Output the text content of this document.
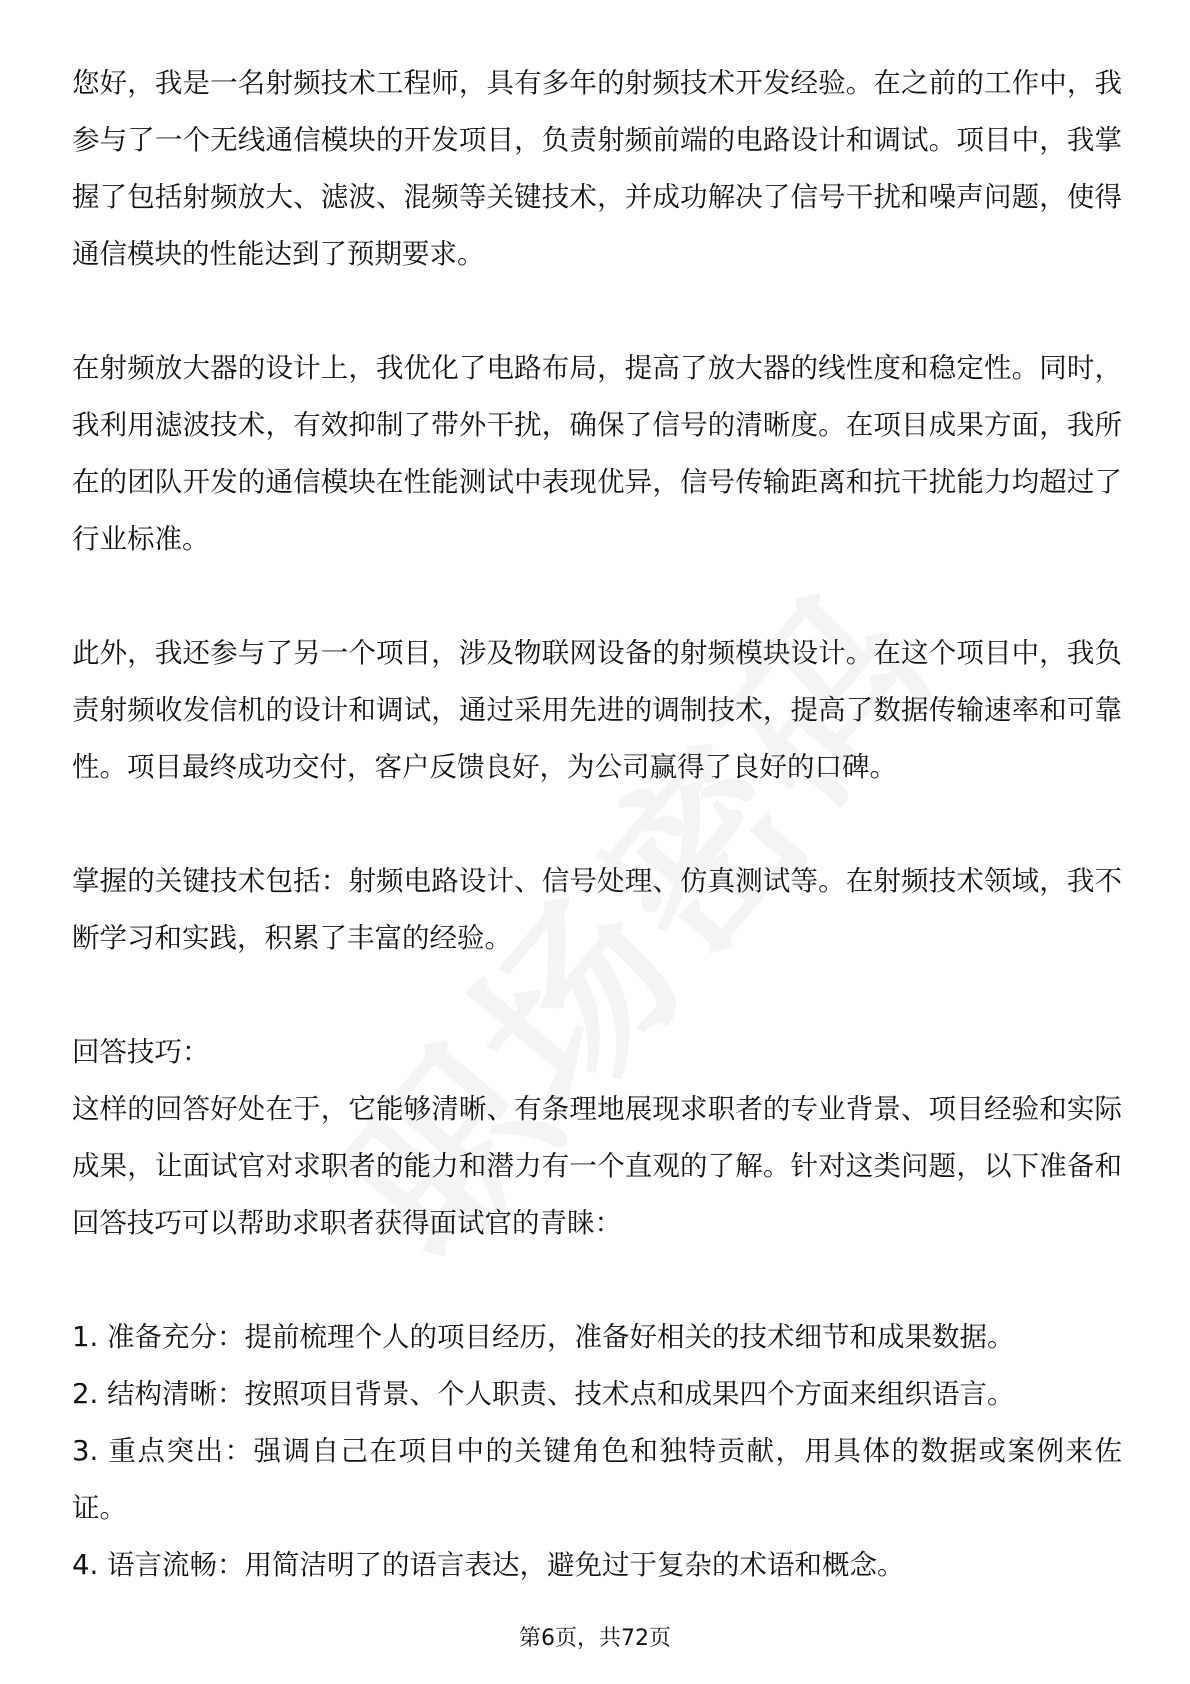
您好，我是一名射频技术工程师，具有多年的射频技术开发经验。在之前的工作中，我参与了一个无线通信模块的开发项目，负责射频前端的电路设计和调试。项目中，我掌握了包括射频放大、滤波、混频等关键技术，并成功解决了信号干扰和噪声问题，使得通信模块的性能达到了预期要求。

在射频放大器的设计上，我优化了电路布局，提高了放大器的线性度和稳定性。同时，我利用滤波技术，有效抑制了带外干扰，确保了信号的清晰度。在项目成果方面，我所在的团队开发的通信模块在性能测试中表现优异，信号传输距离和抗干扰能力均超过了行业标准。

此外，我还参与了另一个项目，涉及物联网设备的射频模块设计。在这个项目中，我负责射频收发信机的设计和调试，通过采用先进的调制技术，提高了数据传输速率和可靠性。项目最终成功交付，客户反馈良好，为公司赢得了良好的口碑。

掌握的关键技术包括：射频电路设计、信号处理、仿真测试等。在射频技术领域，我不断学习和实践，积累了丰富的经验。

回答技巧：

这样的回答好处在于，它能够清晰、有条理地展现求职者的专业背景、项目经验和实际成果，让面试官对求职者的能力和潜力有一个直观的了解。针对这类问题，以下准备和回答技巧可以帮助求职者获得面试官的青睐：

1. 准备充分：提前梳理个人的项目经历，准备好相关的技术细节和成果数据。

2. 结构清晰：按照项目背景、个人职责、技术点和成果四个方面来组织语言。

3. 重点突出：强调自己在项目中的关键角色和独特贡献，用具体的数据或案例来佐证。

4. 语言流畅：用简洁明了的语言表达，避免过于复杂的术语和概念。

第6页，共72页
